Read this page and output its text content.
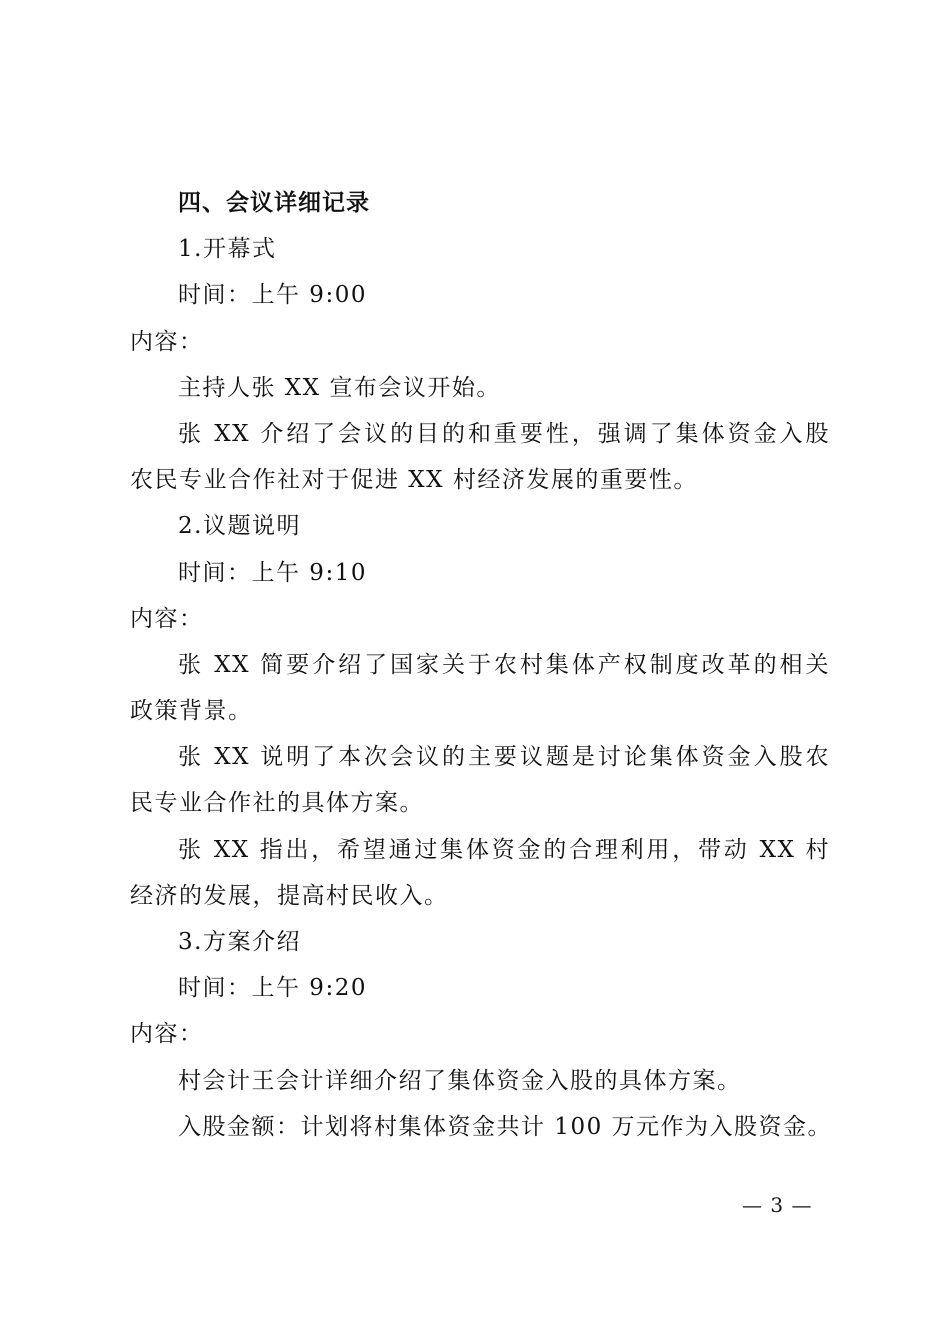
四、会议详细记录
1.开幕式
时间：上午 9:00
内容：
主持人张 XX 宣布会议开始。
张 XX 介绍了会议的目的和重要性，强调了集体资金入股
农民专业合作社对于促进 XX 村经济发展的重要性。
2.议题说明
时间：上午 9:10
内容：
张 XX 简要介绍了国家关于农村集体产权制度改革的相关
政策背景。
张 XX 说明了本次会议的主要议题是讨论集体资金入股农
民专业合作社的具体方案。
张 XX 指出，希望通过集体资金的合理利用，带动 XX 村
经济的发展，提高村民收入。
3.方案介绍
时间：上午 9:20
内容：
村会计王会计详细介绍了集体资金入股的具体方案。
入股金额：计划将村集体资金共计 100 万元作为入股资金。
— 3 —
